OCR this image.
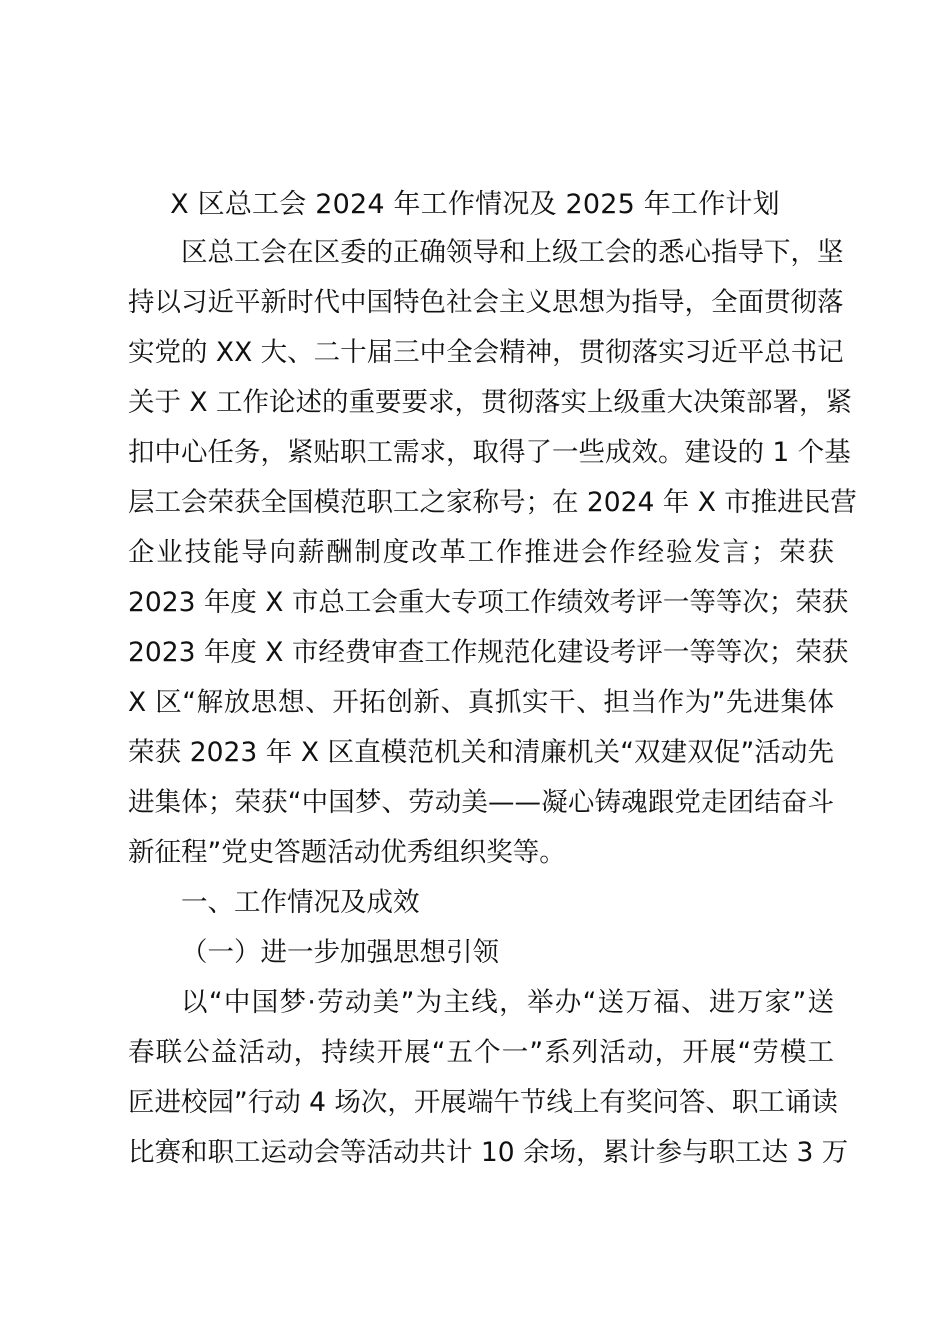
X 区总工会 2024 年工作情况及 2025 年工作计划
区总工会在区委的正确领导和上级工会的悉心指导下，坚
持以习近平新时代中国特色社会主义思想为指导，全面贯彻落
实党的 XX 大、二十届三中全会精神，贯彻落实习近平总书记
关于 X 工作论述的重要要求，贯彻落实上级重大决策部署，紧
扣中心任务，紧贴职工需求，取得了一些成效。建设的 1 个基
层工会荣获全国模范职工之家称号；在 2024 年 X 市推进民营
企业技能导向薪酬制度改革工作推进会作经验发言；荣获
2023 年度 X 市总工会重大专项工作绩效考评一等等次；荣获
2023 年度 X 市经费审查工作规范化建设考评一等等次；荣获
X 区“解放思想、开拓创新、真抓实干、担当作为”先进集体
荣获 2023 年 X 区直模范机关和清廉机关“双建双促”活动先
进集体；荣获“中国梦、劳动美——凝心铸魂跟党走团结奋斗
新征程”党史答题活动优秀组织奖等。
一、工作情况及成效
（一）进一步加强思想引领
以“中国梦·劳动美”为主线，举办“送万福、进万家”送
春联公益活动，持续开展“五个一”系列活动，开展“劳模工
匠进校园”行动 4 场次，开展端午节线上有奖问答、职工诵读
比赛和职工运动会等活动共计 10 余场，累计参与职工达 3 万
